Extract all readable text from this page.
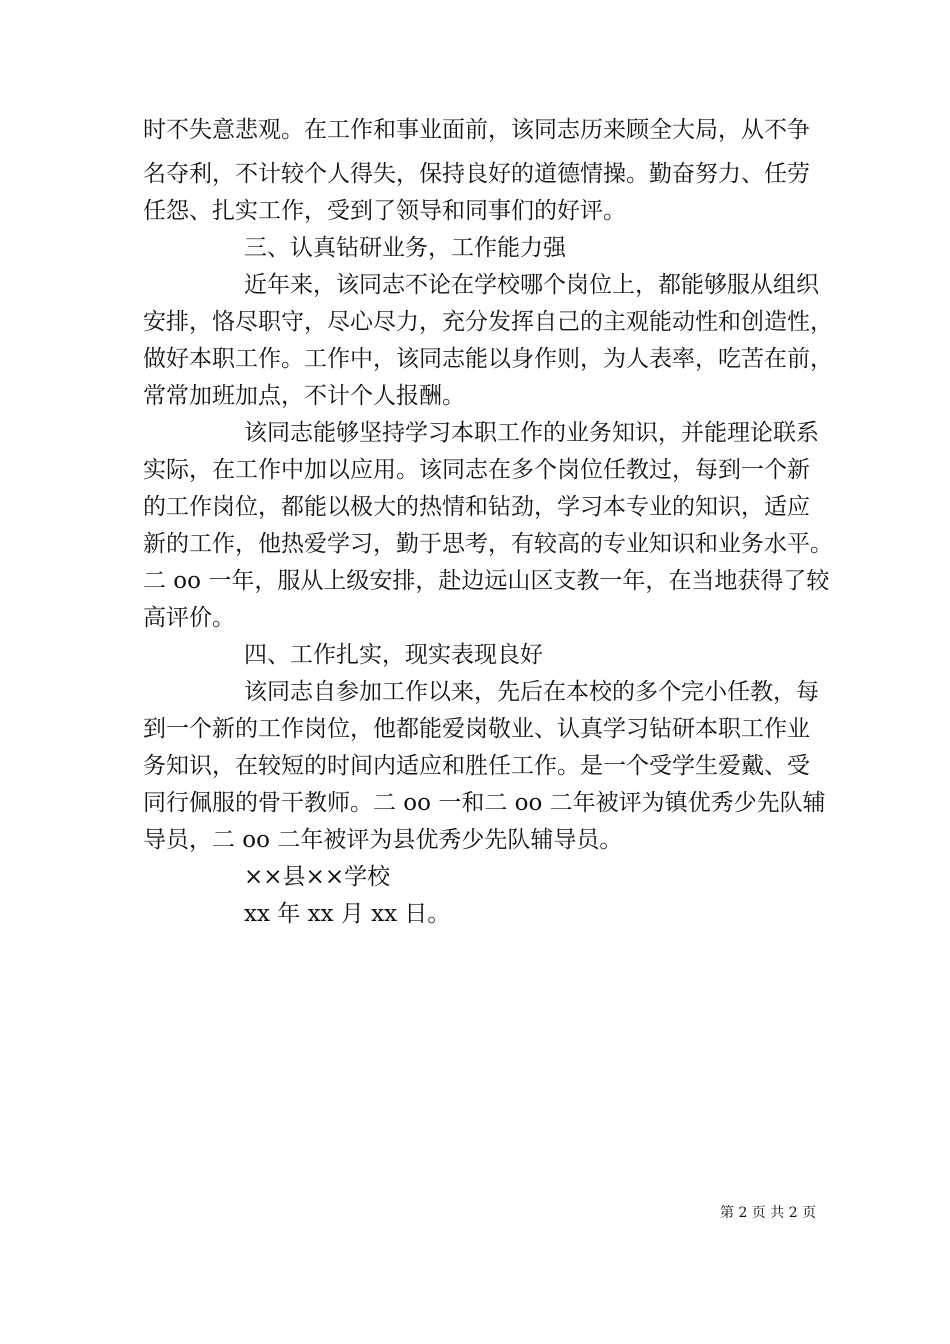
时不失意悲观。在工作和事业面前，该同志历来顾全大局，从不争
名夺利，不计较个人得失，保持良好的道德情操。勤奋努力、任劳
任怨、扎实工作，受到了领导和同事们的好评。
三、认真钻研业务，工作能力强
近年来，该同志不论在学校哪个岗位上，都能够服从组织
安排，恪尽职守，尽心尽力，充分发挥自己的主观能动性和创造性，
做好本职工作。工作中，该同志能以身作则，为人表率，吃苦在前，
常常加班加点，不计个人报酬。
该同志能够坚持学习本职工作的业务知识，并能理论联系
实际，在工作中加以应用。该同志在多个岗位任教过，每到一个新
的工作岗位，都能以极大的热情和钻劲，学习本专业的知识，适应
新的工作，他热爱学习，勤于思考，有较高的专业知识和业务水平。
二 oo 一年，服从上级安排，赴边远山区支教一年，在当地获得了较
高评价。
四、工作扎实，现实表现良好
该同志自参加工作以来，先后在本校的多个完小任教，每
到一个新的工作岗位，他都能爱岗敬业、认真学习钻研本职工作业
务知识，在较短的时间内适应和胜任工作。是一个受学生爱戴、受
同行佩服的骨干教师。二 oo 一和二 oo 二年被评为镇优秀少先队辅
导员，二 oo 二年被评为县优秀少先队辅导员。
××县××学校
xx 年 xx 月 xx 日。
第 2 页 共 2 页
